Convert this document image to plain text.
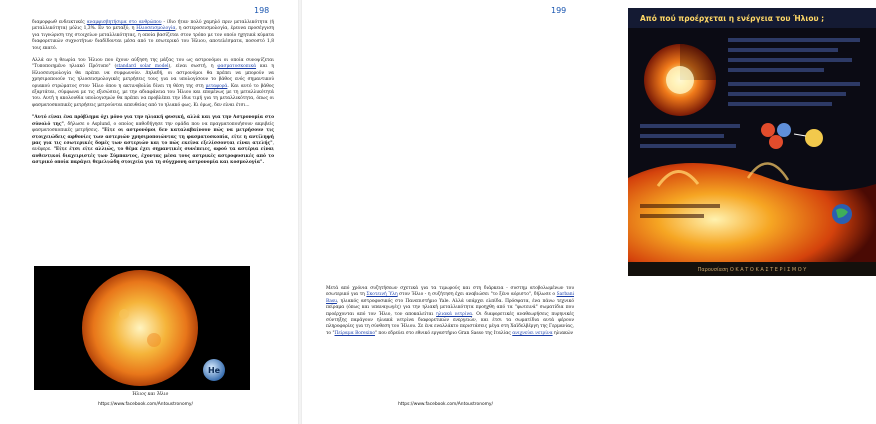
198

διαμορφωθ ενδεικτικές αναμφισβητήσιμα στο ανθρώπου - ίδιο ήταν πολύ χαμηλό πριν μεταλλικότητα (ή μεταλλικότητα) μόλις 1,3%. Εν το μεταξύ, η Ηλιοσεισμολογία, η αστεροσεισμολογία, έρευνα προσέγγιση για τιγνώριση της στοιχείων μεταλλικότητας, η οποία βασίζεται στον τρόπο με τον οποίο ηχητικά κύματα διαφορετικών συχνοτήτων διαδίδονται μέσα από το εσωτερικό του Ήλιου, αποτελέσματα, ποσοστό 1,8 τοις εκατό.

Αλλά αν η θεωρία του Ήλιου που έχουν αύξηση της μάζας του ως αστρονόμοι οι οποία συνοψίζεται "Τυποποιημένο ηλιακό Πρότυπο" (standard solar model), είναι σωστή, η φασματοσκοπικά και η Ηλιοσεισμολογία θα πρέπει να συμφωνούν. Δηλαδή, οι αστρονόμοι θα πρέπει να μπορούν να χρησιμοποιούν τις ηλιοσεισμολογικές μετρήσεις τους για να υπολογίσουν το βάθος ενός σημαντικού οριακού στρώματος στον Ήλιο όπου η ακτινοβολία δίνει τη θέση της στη μεταφορά. Και αυτό το βάθος εξαρτάται, σύμφωνα με τις εξισώσεις, με την αδιαφάνεια του Ήλιου και επομένως με τη μεταλλικότητά του. Αυτή η ακολουθία υπολογισμών θα πρέπει να προβλέπει την ίδια τιμή για τη μεταλλικότητα, όπως οι φασματοσκοπικές μετρήσεις μετρούνται απευθείας από το ηλιακό φως. Κι όμως, δεν είναι έτσι...

"Αυτό είναι ένα πρόβλημα όχι μόνο για την ηλιακή φυσική, αλλά και για την Αστρονομία στο σύνολό της", δήλωσε ο Asplund, ο οποίος καθοδήγησε την ομάδα που να πραγματοποιήσουν ακριβείς φασματοσκοπικές μετρήσεις. "Είτε οι αστρονόμοι δεν καταλαβαίνουν πώς να μετρήσουν τις στοιχειώδεις αφθονίες των αστεριών χρησιμοποιώντας τη φασματοσκοπία, είτε η αντίληψή μας για τις εσωτερικές δομές των αστεριών και το πώς εκείνα εξελίσσονται είναι ατελής", ανέφερε. "Είτε έτσι είτε αλλιώς, το θέμα έχει σημαντικές συνέπειες, αφού τα αστέρια είναι αυθεντικοί διαχειριστές των Σύμπαντος, έχοντας μέσα τους αστρικές αστροφυσικές από το αστρικό οποία παράγει θεμελιώδη στοιχεία για τη σύγχρονη αστρονομία και κοσμολογία".

He
Ήλιος και Ήλιο
https://www.facebook.com/Antoustronomy/
199
Από πού προέρχεται η ενέργεια του Ήλιου ;
Παρουσίαση Ο Κ Α Τ Ο Κ Α Σ Τ Ε Ρ Ι Σ Μ Ο Υ

Μετά από χρόνια συζητήσεων σχετικά για τα τιμωρούς και στη διάρκεια - συστημ ατοβολωμένων του εσωτερικό για τη Σκοτεινή Ύλη στον Ήλιο - η συζήτηση έχει αναβιώσει "το ξένο αόριστο", δήλωσε ο Sarbani Basu, ηλιακός αστροφυσικός στο Πανεπιστήμιο Yale. Αλλά υπάρχει ελπίδα. Πρόσφατα, ένα πάνω τεχνικό πείραμα (όπως και υπαναγωγές) για την ηλιακή μεταλλικότητα προηχθη από τα "φωτεινά" σωματίδια που προέρχονται από τον Ήλιο, τον αποκαλείται ηλιακά νετρίνα. Οι διαφορετικές αναθεωρήσεις πυρηνικές σύντηξης παράγουν ηλιακά νετρίνα διαφορετικών ενεργειών, και έτσι τα σωματίδια αυτά φέρουν πληροφορίες για τη σύνθεση του Ήλιου. Σε ένα εναλλάκτο περιστάσεις μέγα στη Χαϊδελβέργη της Γερμανίας, το "Πείραμα Borexino" που εδρεύει στο εθνικό εργαστήριο Gran Sasso της Ιταλίας ανιχνεύει νετρίνα ηλιακών

https://www.facebook.com/Antoustronomy/
